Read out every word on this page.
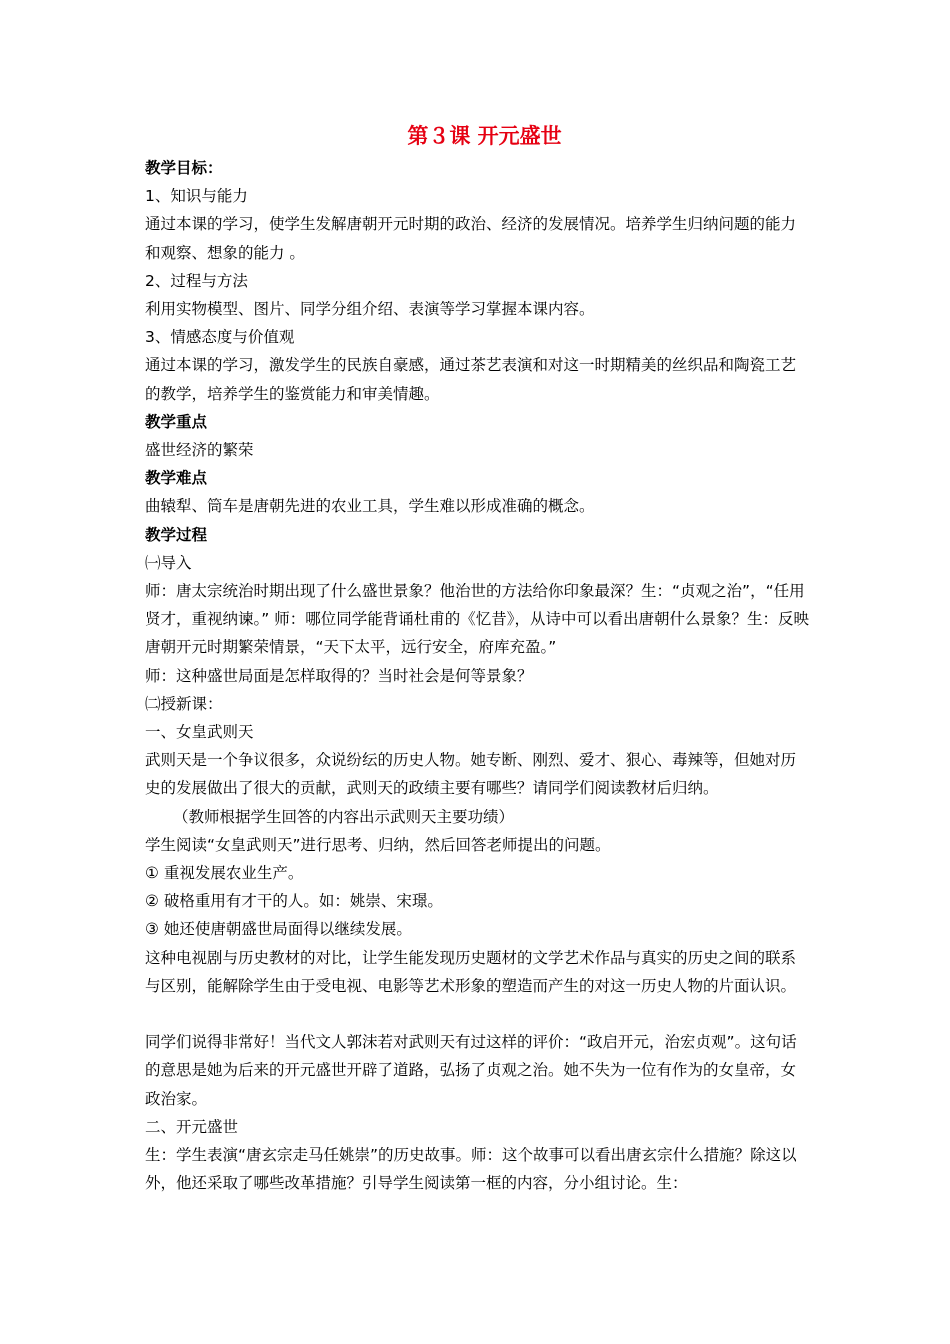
第３课 开元盛世

教学目标：

1、知识与能力

通过本课的学习，使学生发解唐朝开元时期的政治、经济的发展情况。培养学生归纳问题的能力和观察、想象的能力 。

2、过程与方法

利用实物模型、图片、同学分组介绍、表演等学习掌握本课内容。

3、情感态度与价值观

通过本课的学习，激发学生的民族自豪感，通过茶艺表演和对这一时期精美的丝织品和陶瓷工艺的教学，培养学生的鉴赏能力和审美情趣。

教学重点

盛世经济的繁荣

教学难点

曲辕犁、筒车是唐朝先进的农业工具，学生难以形成准确的概念。

教学过程

㈠导入

师：唐太宗统治时期出现了什么盛世景象？他治世的方法给你印象最深？生：“贞观之治”，“任用贤才，重视纳谏。” 师：哪位同学能背诵杜甫的《忆昔》，从诗中可以看出唐朝什么景象？生：反映唐朝开元时期繁荣情景，“天下太平，远行安全，府库充盈。”

师：这种盛世局面是怎样取得的？当时社会是何等景象？

㈡授新课：

一、女皇武则天

武则天是一个争议很多，众说纷纭的历史人物。她专断、刚烈、爱才、狠心、毒辣等，但她对历史的发展做出了很大的贡献，武则天的政绩主要有哪些？请同学们阅读教材后归纳。

（教师根据学生回答的内容出示武则天主要功绩）

学生阅读“女皇武则天”进行思考、归纳，然后回答老师提出的问题。

① 重视发展农业生产。

② 破格重用有才干的人。如：姚崇、宋璟。

③ 她还使唐朝盛世局面得以继续发展。

这种电视剧与历史教材的对比，让学生能发现历史题材的文学艺术作品与真实的历史之间的联系与区别，能解除学生由于受电视、电影等艺术形象的塑造而产生的对这一历史人物的片面认识。

同学们说得非常好！当代文人郭沫若对武则天有过这样的评价：“政启开元，治宏贞观”。这句话的意思是她为后来的开元盛世开辟了道路，弘扬了贞观之治。她不失为一位有作为的女皇帝，女政治家。

二、开元盛世

生：学生表演“唐玄宗走马任姚崇”的历史故事。师：这个故事可以看出唐玄宗什么措施？除这以外，他还采取了哪些改革措施？引导学生阅读第一框的内容，分小组讨论。生：
